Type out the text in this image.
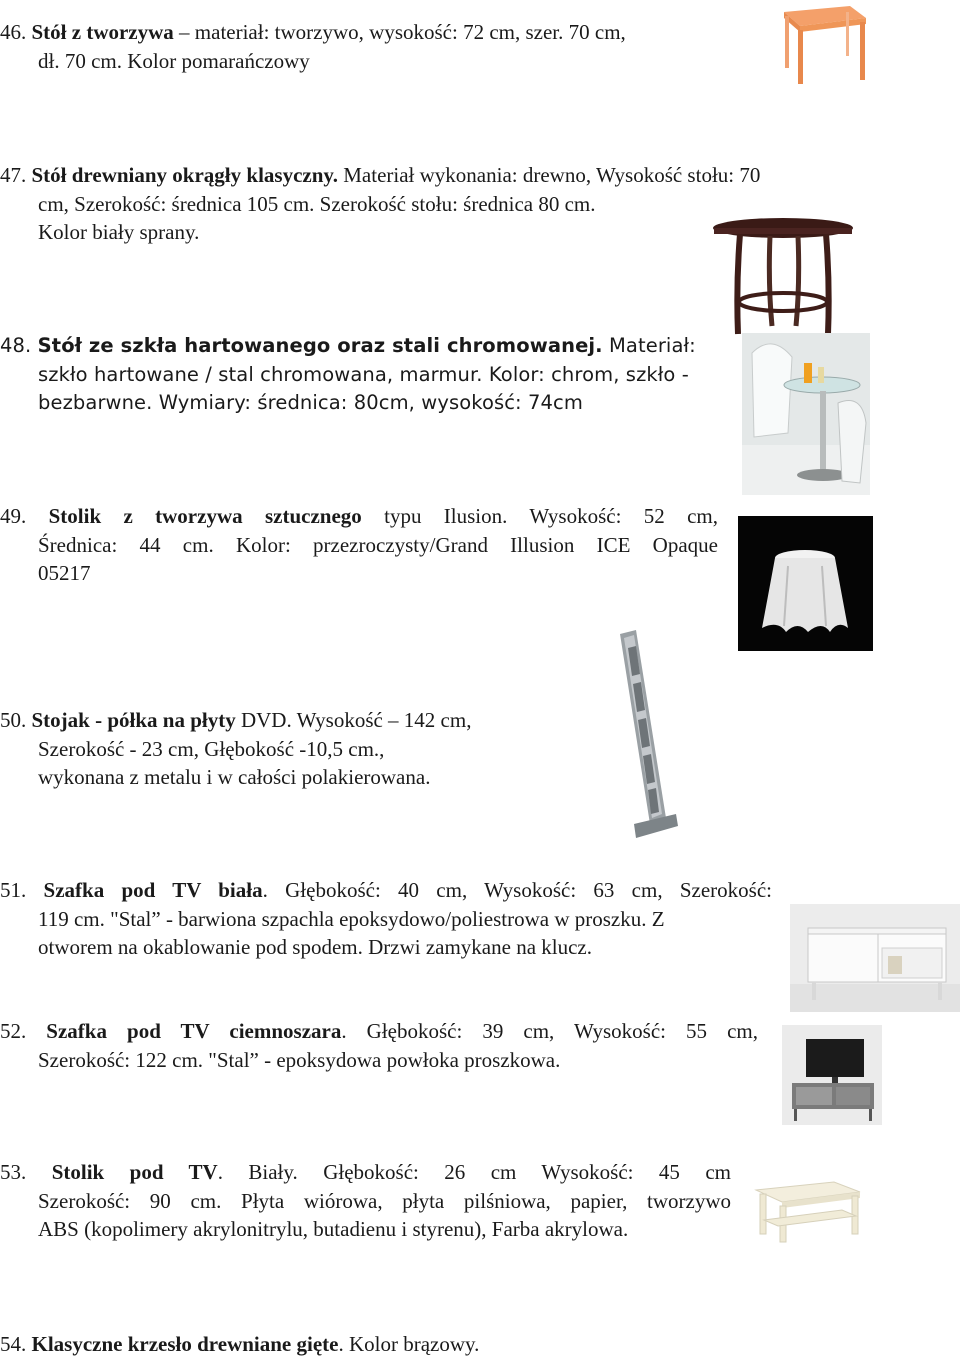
46. Stół z tworzywa – materiał: tworzywo, wysokość: 72 cm, szer. 70 cm,
dł. 70 cm. Kolor pomarańczowy

47. Stół drewniany okrągły klasyczny. Materiał wykonania: drewno, Wysokość stołu: 70
cm, Szerokość: średnica 105 cm. Szerokość stołu: średnica 80 cm.
Kolor biały sprany.

48. Stół ze szkła hartowanego oraz stali chromowanej. Materiał:
szkło hartowane / stal chromowana, marmur. Kolor: chrom, szkło -
bezbarwne. Wymiary: średnica: 80cm, wysokość: 74cm

49. Stolik z tworzywa sztucznego typu Ilusion. Wysokość: 52 cm,
Średnica: 44 cm. Kolor: przezroczysty/Grand Illusion ICE Opaque
05217

50. Stojak - półka na płyty DVD. Wysokość – 142 cm,
Szerokość - 23 cm, Głębokość -10,5 cm.,
wykonana z metalu i w całości polakierowana.

51. Szafka pod TV biała. Głębokość: 40 cm, Wysokość: 63 cm, Szerokość:
119 cm. "Stal” - barwiona szpachla epoksydowo/poliestrowa w proszku. Z
otworem na okablowanie pod spodem. Drzwi zamykane na klucz.

52. Szafka pod TV ciemnoszara. Głębokość: 39 cm, Wysokość: 55 cm,
Szerokość: 122 cm. "Stal” - epoksydowa powłoka proszkowa.

53. Stolik pod TV. Biały. Głębokość: 26 cm Wysokość: 45 cm
Szerokość: 90 cm. Płyta wiórowa, płyta pilśniowa, papier, tworzywo
ABS (kopolimery akrylonitrylu, butadienu i styrenu), Farba akrylowa.

54. Klasyczne krzesło drewniane gięte. Kolor brązowy.
